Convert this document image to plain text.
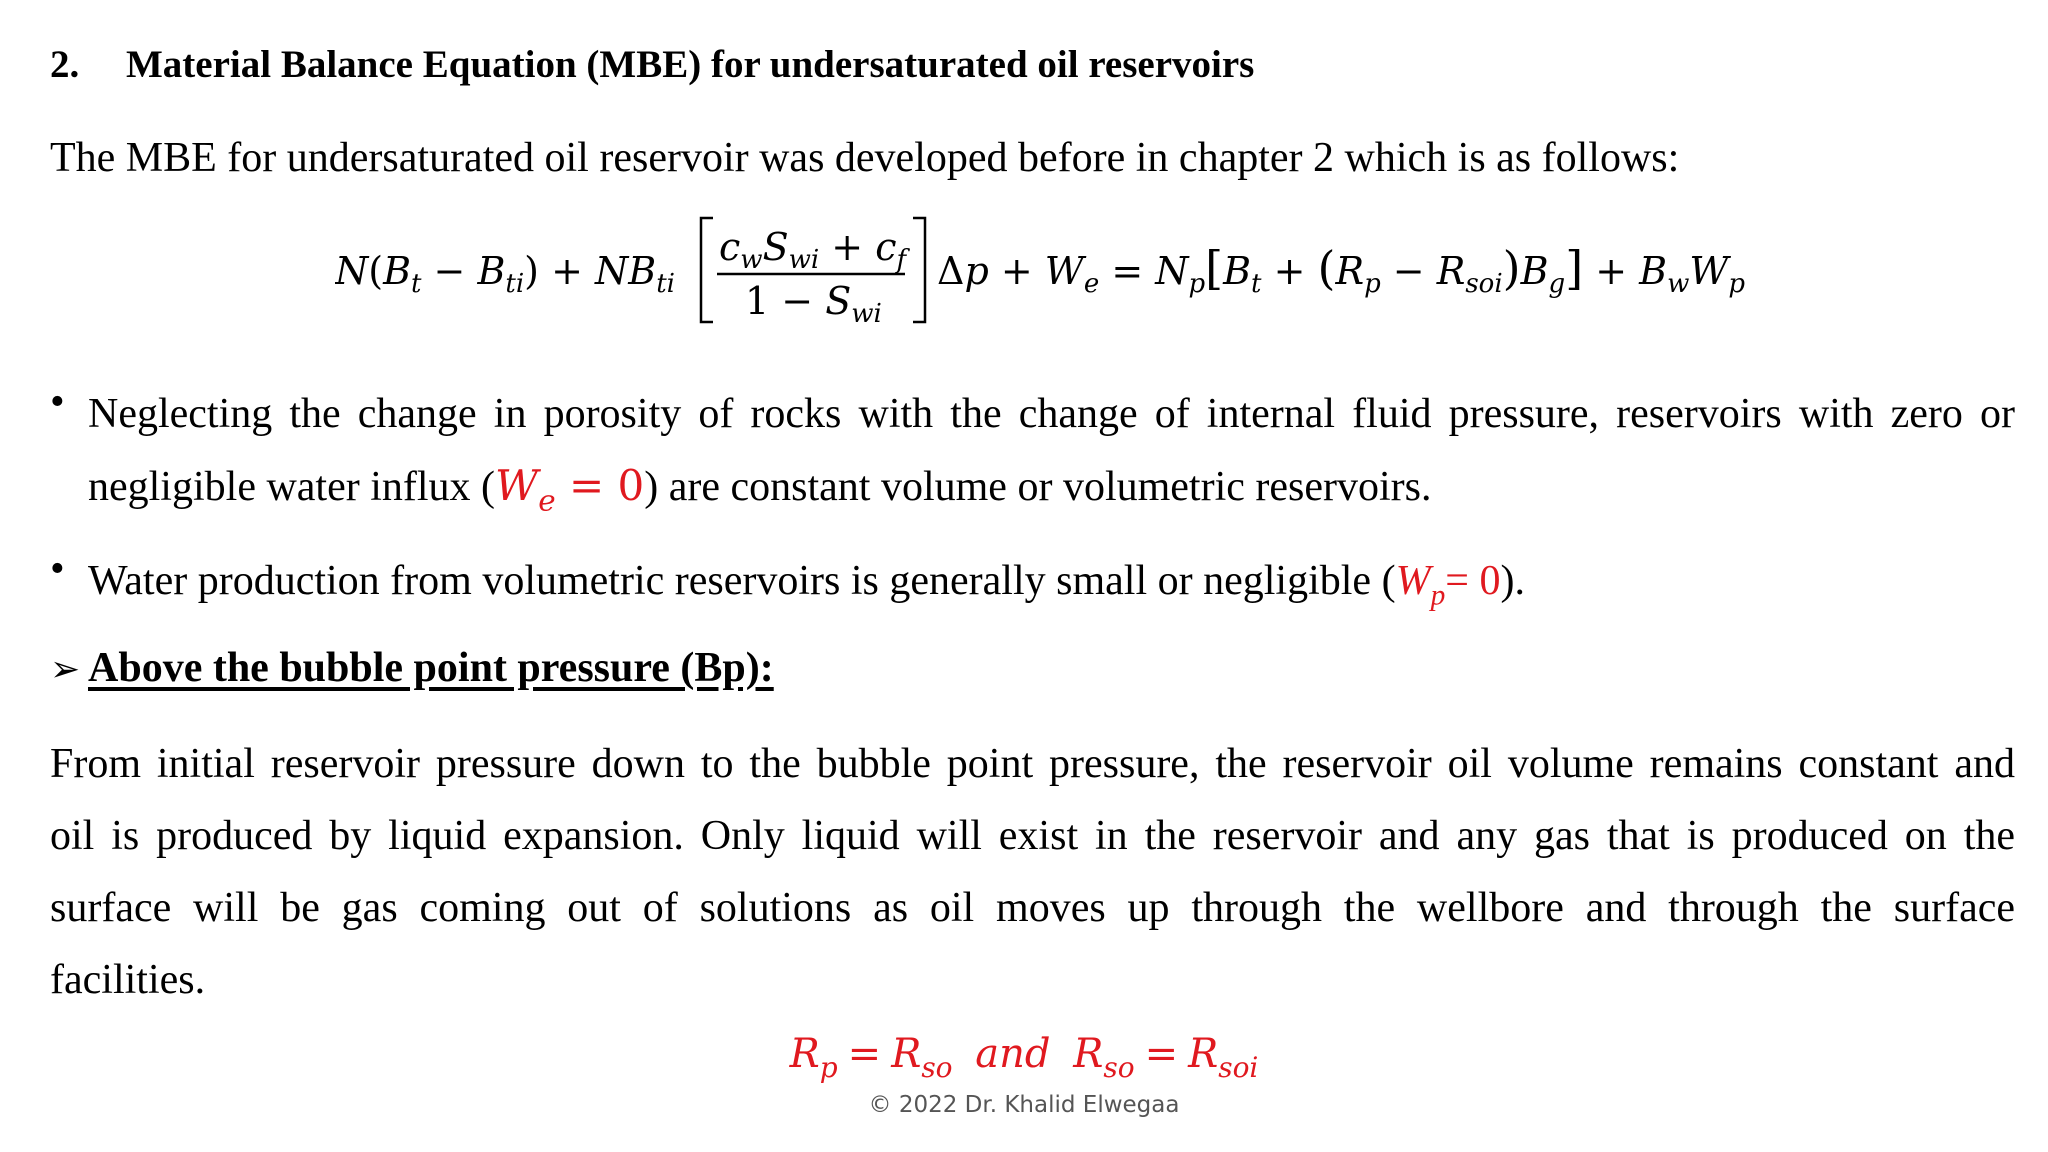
2. Material Balance Equation (MBE) for undersaturated oil reservoirs
The MBE for undersaturated oil reservoir was developed before in chapter 2 which is as follows:
$N(B_t - B_{ti}) + NB_{ti}$
$c_wS_{wi} + c_f$
$1 - S_{wi}$
$\Delta p + W_e = N_p[B_t + (R_p - R_{soi})B_g] + B_wW_p$
• Neglecting the change in porosity of rocks with the change of internal fluid pressure, reservoirs with zero or negligible water influx $(W_e = 0)$ are constant volume or volumetric reservoirs.
• Water production from volumetric reservoirs is generally small or negligible $(W_p= 0)$.
➢ Above the bubble point pressure (Bp):
From initial reservoir pressure down to the bubble point pressure, the reservoir oil volume remains constant and
oil is produced by liquid expansion. Only liquid will exist in the reservoir and any gas that is produced on the
surface will be gas coming out of solutions as oil moves up through the wellbore and through the surface
facilities.
$R_p = R_{so}$  and  $R_{so} = R_{soi}$
© 2022 Dr. Khalid Elwegaa
